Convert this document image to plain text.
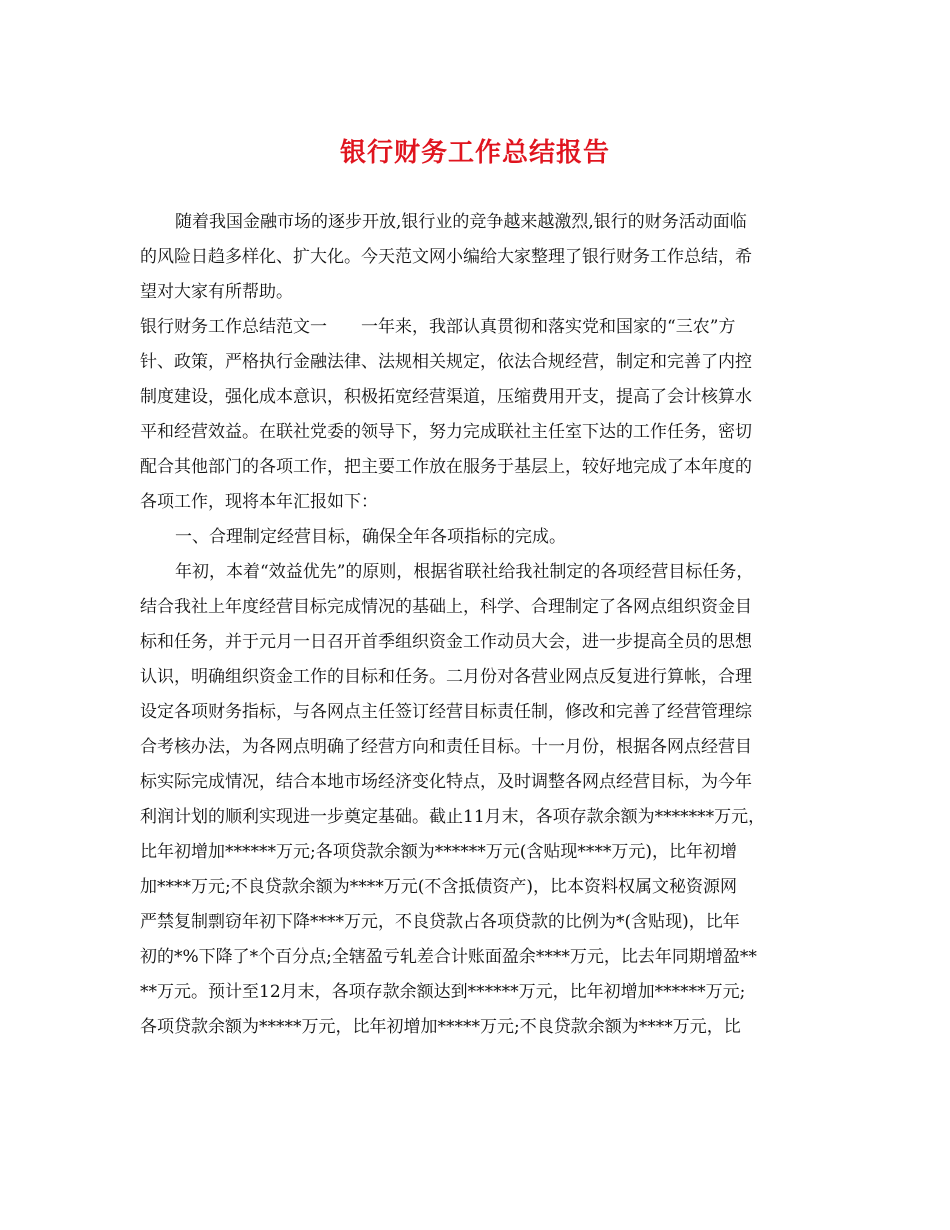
银行财务工作总结报告
随着我国金融市场的逐步开放,银行业的竞争越来越激烈,银行的财务活动面临
的风险日趋多样化、扩大化。今天范文网小编给大家整理了银行财务工作总结，希
望对大家有所帮助。
银行财务工作总结范文一　　一年来，我部认真贯彻和落实党和国家的“三农”方
针、政策，严格执行金融法律、法规相关规定，依法合规经营，制定和完善了内控
制度建设，强化成本意识，积极拓宽经营渠道，压缩费用开支，提高了会计核算水
平和经营效益。在联社党委的领导下，努力完成联社主任室下达的工作任务，密切
配合其他部门的各项工作，把主要工作放在服务于基层上，较好地完成了本年度的
各项工作，现将本年汇报如下：
一、合理制定经营目标，确保全年各项指标的完成。
年初，本着“效益优先”的原则，根据省联社给我社制定的各项经营目标任务，
结合我社上年度经营目标完成情况的基础上，科学、合理制定了各网点组织资金目
标和任务，并于元月一日召开首季组织资金工作动员大会，进一步提高全员的思想
认识，明确组织资金工作的目标和任务。二月份对各营业网点反复进行算帐，合理
设定各项财务指标，与各网点主任签订经营目标责任制，修改和完善了经营管理综
合考核办法，为各网点明确了经营方向和责任目标。十一月份，根据各网点经营目
标实际完成情况，结合本地市场经济变化特点，及时调整各网点经营目标，为今年
利润计划的顺利实现进一步奠定基础。截止11月末，各项存款余额为*******万元，
比年初增加******万元;各项贷款余额为******万元(含贴现****万元)，比年初增
加****万元;不良贷款余额为****万元(不含抵债资产)，比本资料权属文秘资源网
严禁复制剽窃年初下降****万元，不良贷款占各项贷款的比例为*(含贴现)，比年
初的*%下降了*个百分点;全辖盈亏轧差合计账面盈余****万元，比去年同期增盈**
**万元。预计至12月末，各项存款余额达到******万元，比年初增加******万元;
各项贷款余额为*****万元，比年初增加*****万元;不良贷款余额为****万元，比
